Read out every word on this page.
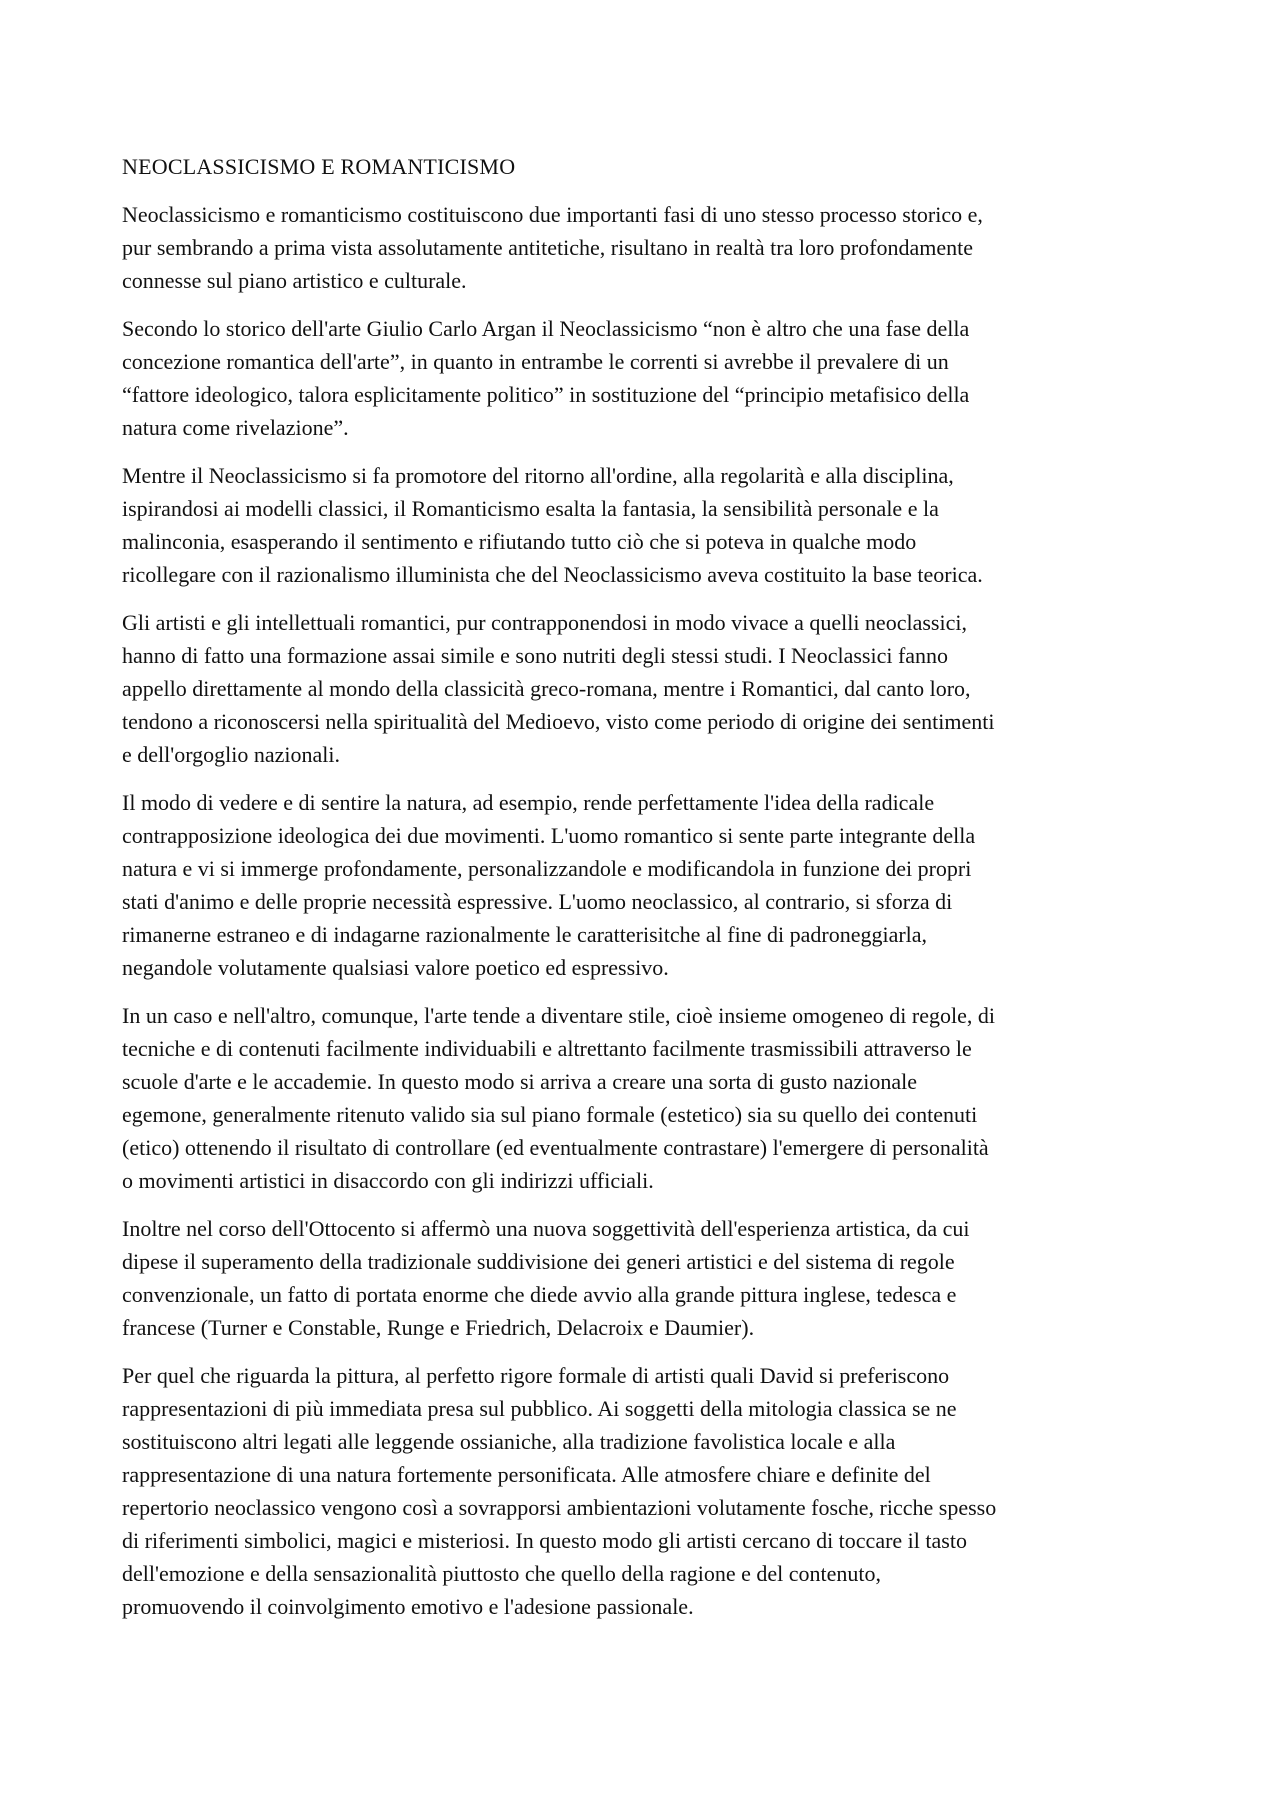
NEOCLASSICISMO E ROMANTICISMO

Neoclassicismo e romanticismo costituiscono due importanti fasi di uno stesso processo storico e,
pur sembrando a prima vista assolutamente antitetiche, risultano in realtà tra loro profondamente
connesse sul piano artistico e culturale.

Secondo lo storico dell'arte Giulio Carlo Argan il Neoclassicismo “non è altro che una fase della
concezione romantica dell'arte”, in quanto in entrambe le correnti si avrebbe il prevalere di un
“fattore ideologico, talora esplicitamente politico” in sostituzione del “principio metafisico della
natura come rivelazione”.

Mentre il Neoclassicismo si fa promotore del ritorno all'ordine, alla regolarità e alla disciplina,
ispirandosi ai modelli classici, il Romanticismo esalta la fantasia, la sensibilità personale e la
malinconia, esasperando il sentimento e rifiutando tutto ciò che si poteva in qualche modo
ricollegare con il razionalismo illuminista che del Neoclassicismo aveva costituito la base teorica.

Gli artisti e gli intellettuali romantici, pur contrapponendosi in modo vivace a quelli neoclassici,
hanno di fatto una formazione assai simile e sono nutriti degli stessi studi. I Neoclassici fanno
appello direttamente al mondo della classicità greco-romana, mentre i Romantici, dal canto loro,
tendono a riconoscersi nella spiritualità del Medioevo, visto come periodo di origine dei sentimenti
e dell'orgoglio nazionali.

Il modo di vedere e di sentire la natura, ad esempio, rende perfettamente l'idea della radicale
contrapposizione ideologica dei due movimenti. L'uomo romantico si sente parte integrante della
natura e vi si immerge profondamente, personalizzandole e modificandola in funzione dei propri
stati d'animo e delle proprie necessità espressive. L'uomo neoclassico, al contrario, si sforza di
rimanerne estraneo e di indagarne razionalmente le caratterisitche al fine di padroneggiarla,
negandole volutamente qualsiasi valore poetico ed espressivo.

In un caso e nell'altro, comunque, l'arte tende a diventare stile, cioè insieme omogeneo di regole, di
tecniche e di contenuti facilmente individuabili e altrettanto facilmente trasmissibili attraverso le
scuole d'arte e le accademie. In questo modo si arriva a creare una sorta di gusto nazionale
egemone, generalmente ritenuto valido sia sul piano formale (estetico) sia su quello dei contenuti
(etico) ottenendo il risultato di controllare (ed eventualmente contrastare) l'emergere di personalità
o movimenti artistici in disaccordo con gli indirizzi ufficiali.

Inoltre nel corso dell'Ottocento si affermò una nuova soggettività dell'esperienza artistica, da cui
dipese il superamento della tradizionale suddivisione dei generi artistici e del sistema di regole
convenzionale, un fatto di portata enorme che diede avvio alla grande pittura inglese, tedesca e
francese (Turner e Constable, Runge e Friedrich, Delacroix e Daumier).

Per quel che riguarda la pittura, al perfetto rigore formale di artisti quali David si preferiscono
rappresentazioni di più immediata presa sul pubblico. Ai soggetti della mitologia classica se ne
sostituiscono altri legati alle leggende ossianiche, alla tradizione favolistica locale e alla
rappresentazione di una natura fortemente personificata. Alle atmosfere chiare e definite del
repertorio neoclassico vengono così a sovrapporsi ambientazioni volutamente fosche, ricche spesso
di riferimenti simbolici, magici e misteriosi. In questo modo gli artisti cercano di toccare il tasto
dell'emozione e della sensazionalità piuttosto che quello della ragione e del contenuto,
promuovendo il coinvolgimento emotivo e l'adesione passionale.
